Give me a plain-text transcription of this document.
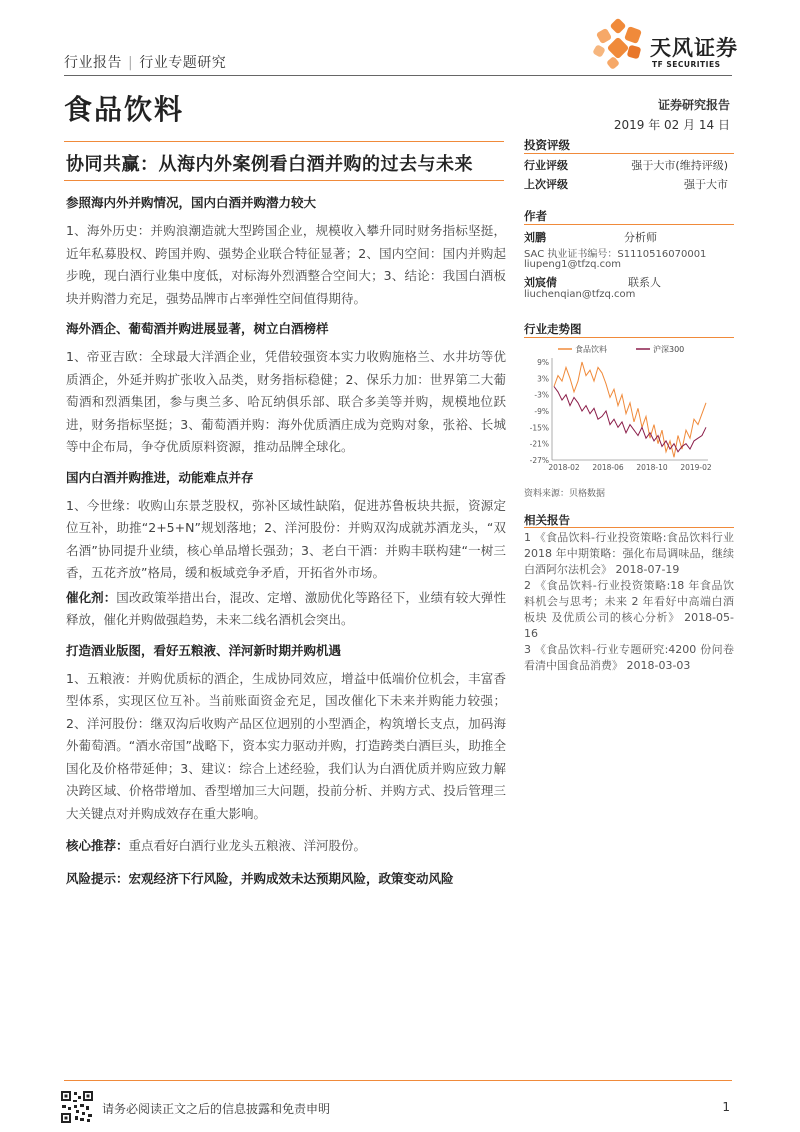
行业报告 | 行业专题研究
天风证券
TF SECURITIES
食品饮料	证券研究报告
2019 年 02 月 14 日
协同共赢：从海内外案例看白酒并购的过去与未来
参照海内外并购情况，国内白酒并购潜力较大
1、海外历史：并购浪潮造就大型跨国企业，规模收入攀升同时财务指标坚挺，近年私募股权、跨国并购、强势企业联合特征显著；2、国内空间：国内并购起步晚，现白酒行业集中度低，对标海外烈酒整合空间大；3、结论：我国白酒板块并购潜力充足，强势品牌市占率弹性空间值得期待。
海外酒企、葡萄酒并购进展显著，树立白酒榜样
1、帝亚吉欧：全球最大洋酒企业，凭借较强资本实力收购施格兰、水井坊等优质酒企，外延并购扩张收入品类，财务指标稳健；2、保乐力加：世界第二大葡萄酒和烈酒集团，参与奥兰多、哈瓦纳俱乐部、联合多美等并购，规模地位跃进，财务指标坚挺；3、葡萄酒并购：海外优质酒庄成为竞购对象，张裕、长城等中企布局，争夺优质原料资源，推动品牌全球化。
国内白酒并购推进，动能难点并存
1、今世缘：收购山东景芝股权，弥补区域性缺陷，促进苏鲁板块共振，资源定位互补，助推“2+5+N”规划落地；2、洋河股份：并购双沟成就苏酒龙头，“双名酒”协同提升业绩，核心单品增长强劲；3、老白干酒：并购丰联构建“一树三香，五花齐放”格局，缓和板域竞争矛盾，开拓省外市场。
催化剂：国改政策举措出台，混改、定增、激励优化等路径下，业绩有较大弹性释放，催化并购做强趋势，未来二线名酒机会突出。
打造酒业版图，看好五粮液、洋河新时期并购机遇
1、五粮液：并购优质标的酒企，生成协同效应，增益中低端价位机会，丰富香型体系，实现区位互补。当前账面资金充足，国改催化下未来并购能力较强；2、洋河股份：继双沟后收购产品区位迥别的小型酒企，构筑增长支点，加码海外葡萄酒。“酒水帝国”战略下，资本实力驱动并购，打造跨类白酒巨头，助推全国化及价格带延伸；3、建议：综合上述经验，我们认为白酒优质并购应致力解决跨区域、价格带增加、香型增加三大问题，投前分析、并购方式、投后管理三大关键点对并购成效存在重大影响。
核心推荐：重点看好白酒行业龙头五粮液、洋河股份。
风险提示：宏观经济下行风险，并购成效未达预期风险，政策变动风险
投资评级
行业评级	强于大市(维持评级)
上次评级	强于大市
作者
刘鹏	分析师
SAC 执业证书编号：S1110516070001
liupeng1@tfzq.com
刘宸倩	联系人
liuchenqian@tfzq.com
行业走势图
9%
3%
-3%
-9%
-15%
-21%
-27%
2018-02 2018-06 2018-10 2019-02
食品饮料	沪深300
资料来源：贝格数据
相关报告
1 《食品饮料-行业投资策略:食品饮料行业 2018 年中期策略：强化布局调味品，继续白酒阿尔法机会》 2018-07-19
2 《食品饮料-行业投资策略:18 年食品饮料机会与思考；未来 2 年看好中高端白酒板块 及优质公司的核心分析》 2018-05-16
3 《食品饮料-行业专题研究:4200 份问卷看清中国食品消费》 2018-03-03
请务必阅读正文之后的信息披露和免责申明	1
